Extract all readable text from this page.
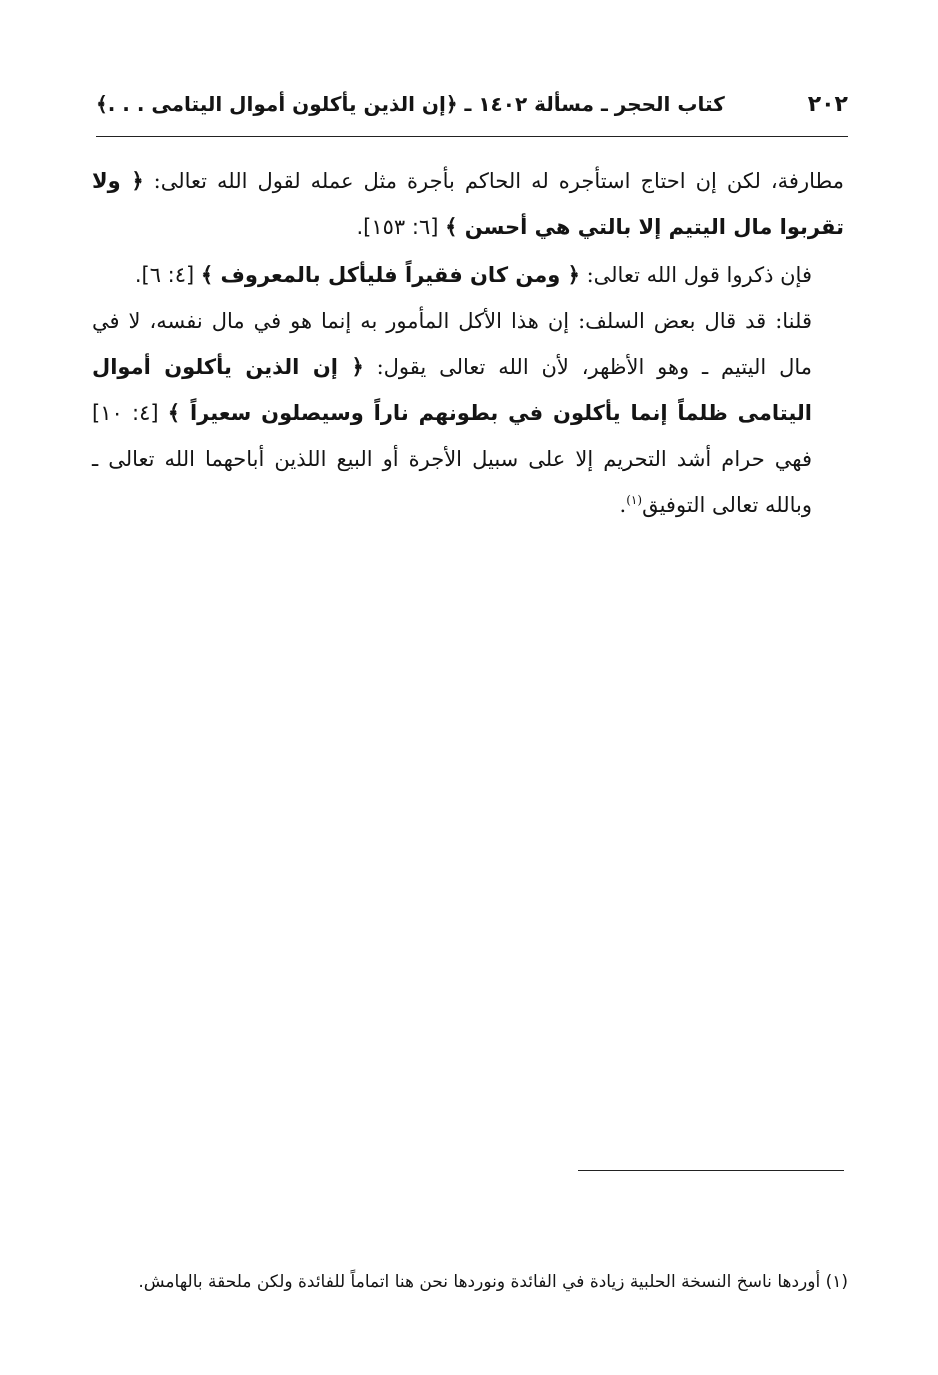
٢٠٢
كتاب الحجر ـ مسألة ١٤٠٢ ـ ﴿إن الذين يأكلون أموال اليتامى . . .﴾

مطارفة، لكن إن احتاج استأجره له الحاكم بأجرة مثل عمله لقول الله تعالى: ﴿ ولا تقربوا مال اليتيم إلا بالتي هي أحسن ﴾ [٦: ١٥٣].

فإن ذكروا قول الله تعالى: ﴿ ومن كان فقيراً فليأكل بالمعروف ﴾ [٤: ٦].

قلنا: قد قال بعض السلف: إن هذا الأكل المأمور به إنما هو في مال نفسه، لا في مال اليتيم ـ وهو الأظهر، لأن الله تعالى يقول: ﴿ إن الذين يأكلون أموال اليتامى ظلماً إنما يأكلون في بطونهم ناراً وسيصلون سعيراً ﴾ [٤: ١٠] فهي حرام أشد التحريم إلا على سبيل الأجرة أو البيع اللذين أباحهما الله تعالى ـ وبالله تعالى التوفيق$^{(١)}$.

(١) أوردها ناسخ النسخة الحلبية زيادة في الفائدة ونوردها نحن هنا اتماماً للفائدة ولكن ملحقة بالهامش.
